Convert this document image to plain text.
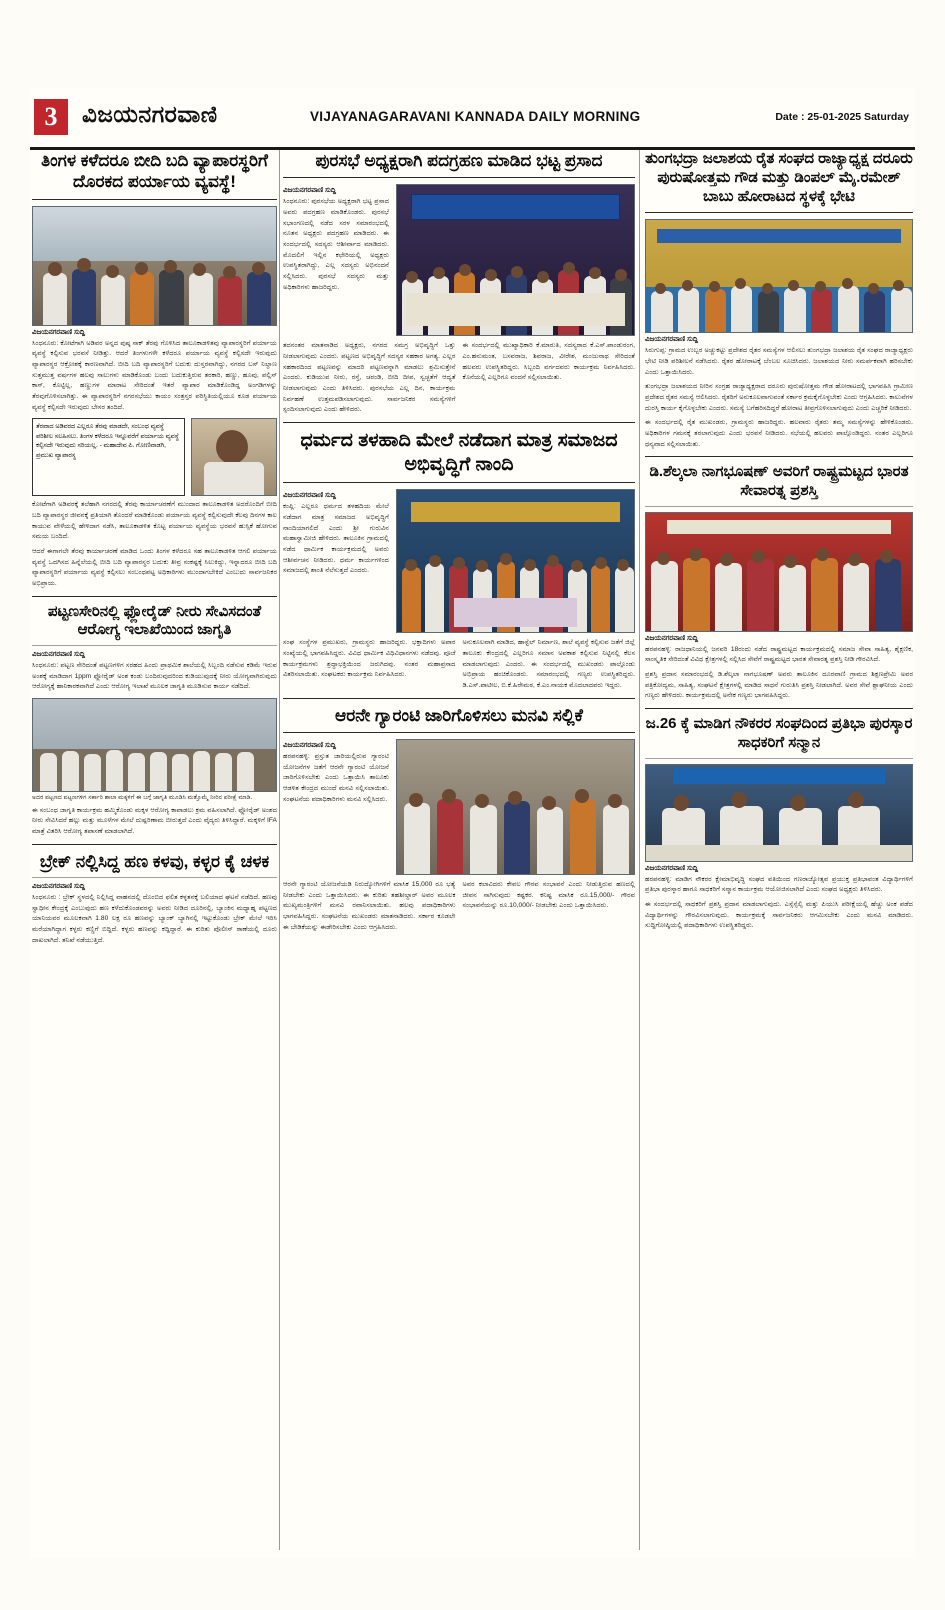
3	ವಿಜಯನಗರವಾಣಿ	VIJAYANAGARAVANI KANNADA DAILY MORNING	Date : 25-01-2025 Saturday
ತಿಂಗಳ ಕಳೆದರೂ ಬೀದಿ ಬದಿ ವ್ಯಾಪಾರಸ್ಥರಿಗೆ ದೊರಕದ ಪರ್ಯಾಯ ವ್ಯವಸ್ಥೆ!
ವಿಜಯನಗರವಾಣಿ ಸುದ್ದಿ
ಸಿಂಧನೂರು: ಕೋಟೆಗಾಗಿ ಅಡಿವರ ಅನ್ನದ ಪುಷ್ಠ ಸಾಕ್ ತೆರವು ಗೊಳಿಸಿದ ತಾಲೂಕಾಡಳಿತವು ವ್ಯಾಪಾರಸ್ಥರಿಗೆ ಪರ್ಯಾಯ ವ್ಯವಸ್ಥೆ ಕಲ್ಪಿಸುವ ಭರವಸೆ ನೀಡಿತ್ತು. ಆದರೆ ತಿಂಗಳುಗಳೇ ಕಳೆದರೂ ಪರ್ಯಾಯ ವ್ಯವಸ್ಥೆ ಕಲ್ಪಿಸದೇ ಇರುವುದು ವ್ಯಾಪಾರಸ್ಥರ ಆಕ್ರೋಶಕ್ಕೆ ಕಾರಣವಾಗಿದೆ. ಬೀದಿ ಬದಿ ವ್ಯಾಪಾರಸ್ಥರಿಗೆ ಬದುಕು ದುಸ್ತರವಾಗಿದ್ದು, ನಗರದ ಬಸ್ ನಿಲ್ದಾಣ ಸುತ್ತಮುತ್ತ ವರ್ಷಗಳ ಹಲವು ಸಾಲುಗಳು ಮಾಡಿಕೊಂಡು ಬಂದು ಬದುಕುತ್ತಿರುವ ತರಕಾರಿ, ಹಣ್ಣು, ಹೂವು, ಪಲ್ಲಿಸ್ ಕಾಸ್, ಕೊಟ್ಟಿಲ್ಲ, ಹಣ್ಣುಗಳ ಮಾರಾಟ ಸೇರಿದಂತೆ ಇತರೆ ವ್ಯಾಪಾರ ಮಾಡಿಕೊಂಡಿದ್ದ ಅಂಗಡಿಗಳನ್ನು ತೆರವುಗೊಳಿಸಲಾಗಿತ್ತು. ಈ ವ್ಯಾಪಾರಸ್ಥರಿಗೆ ನಗರಸಭೆಯು ಕಾಯಂ ಸಂತ್ರಸ್ತರ ಪರಿಸ್ಥಿತಿಯಲ್ಲಿಯೂ ಕೂಡ ಪರ್ಯಾಯ ವ್ಯವಸ್ಥೆ ಕಲ್ಪಿಸದೇ ಇರುವುದು ಬೇಸರ ತಂದಿದೆ.
ತೆರವಾದ ಅಡಿವರದ ಎಲ್ಲರೂ ತೆರವು ಮಾಡದೇ, ಸಂಬಂಧ ವ್ಯವಸ್ಥೆ ಪರಿಶೀಲ ಸಲಹಿಸಲು. ತಿಂಗಳ ಕಳೆದರೂ ಇನ್ನೂವರೆಗೆ ಪರ್ಯಾಯ ವ್ಯವಸ್ಥೆ ಕಲ್ಪಿಸದೇ ಇರುವುದು ಸರಿಯಲ್ಲ. - ಮಹಾದೇವ ಪಿ. ಗೋಣಿವಾಡಗಿ, ಪ್ರಮುಖ ವ್ಯಾಪಾರಸ್ಥ
ಕೋಟೆಗಾಗಿ ಅಡಿವರಕ್ಕೆ ತಲೆಹಾಗಿ ನಗರದಲ್ಲಿ ತೆರವು ಕಾರ್ಯಾಚರಣೆಗೆ ಮುಂದಾದ ತಾಲೂಕಾಡಳಿತ ಅದರೊಂದಿಗೆ ಬೀದಿ ಬದಿ ವ್ಯಾಪಾರಸ್ಥರ ಜೀವನಕ್ಕೆ ಪ್ರತಿಯಾಗಿ ತೊಂದರೆ ಮಾಡಿಕೊಂಡು ಪರ್ಯಾಯ ವ್ಯವಸ್ಥೆ ಕಲ್ಪಿಸುವುದೇ ಕೆಲವು ದಿನಗಳ ಕಾಲ ಕಾಯುವ ವೇಳೆಯಲ್ಲಿ ಹೇಳಿದಾಗ ನಡೆಸಿ, ತಾಲೂಕಾಡಳಿತ ಕೊಟ್ಟ ಪರ್ಯಾಯ ವ್ಯವಸ್ಥೆಯ ಭರವಸೆ ಹುಸ್ಸಿಕೆ ಹೋಗುವ ಸಮಯ ಬಂದಿದೆ.
ಆದರೆ ಈಗಾಗಲೇ ತೆರವು ಕಾರ್ಯಾಚರಣೆ ಮಾಡಿದ ಒಂದು ತಿಂಗಳ ಕಳೆದರೂ ಸಹ ತಾಲೂಕಾಡಳಿತ ಆಗಲಿ ಪರ್ಯಾಯ ವ್ಯವಸ್ಥೆ ಒದಗಿಸದ ಹಿನ್ನೆಲೆಯಲ್ಲಿ ಬೀದಿ ಬದಿ ವ್ಯಾಪಾರಸ್ಥರ ಬದುಕು ತೀವ್ರ ಸಂಕಷ್ಟಕ್ಕೆ ಸಿಲುಕಿದ್ದು, ಇನ್ನಾದರೂ ಬೀದಿ ಬದಿ ವ್ಯಾಪಾರಸ್ಥರಿಗೆ ಪರ್ಯಾಯ ವ್ಯವಸ್ಥೆ ಕಲ್ಪಿಸಲು ಸಂಬಂಧಪಟ್ಟ ಅಧಿಕಾರಿಗಳು ಮುಂದಾಗಬೇಕಿದೆ ಎಂಬುದು ಸಾರ್ವಜನಿಕರ ಅಭಿಪ್ರಾಯ.
ಪಟ್ಟಣಸೇರಿನಲ್ಲಿ ಫ್ಲೋರೈಡ್ ನೀರು ಸೇವಿಸದಂತೆ ಆರೋಗ್ಯ ಇಲಾಖೆಯಿಂದ ಜಾಗೃತಿ
ವಿಜಯನಗರವಾಣಿ ಸುದ್ದಿ
ಸಿಂಧನೂರು: ಪಟ್ಟಣ ಸೇರಿದಂತೆ ಪಟ್ಟಣಗಳಿಗ ಸರಹದ ಹಿಂದು ಪ್ರಾಥಮಿಕ ಶಾಲೆಯಲ್ಲಿ ಸಿಬ್ಬಂದಿ ನಡೆಸುವ ಕಡಿಮೆ ಇರುವ ಅಂಶಕ್ಕೆ ಮಾಡಿದಾಗ 1ppm ಫ್ಲೋರೈಡ್ ಅಂಶ ಕಂಡು ಬಂದಿರುವುದರಿಂದ ಕುಡಿಯುವುದಕ್ಕೆ ನೀರು ಯೋಗ್ಯವಾಗಿರುವುದು ಆರೋಗ್ಯಕ್ಕೆ ಹಾನಿಕಾರಕವಾಗಿದೆ ಎಂದು ಆರೋಗ್ಯ ಇಲಾಖೆ ಮೂಲಕ ಜಾಗೃತಿ ಮೂಡಿಸುವ ಕಾರ್ಯ ನಡೆದಿದೆ.
ಅದರ ಪಟ್ಟಣದ ಪಟ್ಟಣಗಳಿಗ ಸರ್ಕಾರಿ ಶಾಲಾ ಮಕ್ಕಳಿಗೆ ಈ ಬಗ್ಗೆ ಜಾಗೃತಿ ಮೂಡಿಸಿ ಮತ್ತೊಮ್ಮೆ ನೀರಿನ ಪರೀಕ್ಷೆ ಮಾಡಿ.
ಈ ಸಂಬಂಧ ಜಾಗೃತಿ ಕಾರ್ಯಕ್ರಮ ಹಮ್ಮಿಕೊಂಡು ಮಕ್ಕಳ ಆರೋಗ್ಯ ಕಾಪಾಡಲು ಕ್ರಮ ವಹಿಸಲಾಗಿದೆ. ಫ್ಲೋರೈಡ್ ಅಂಶದ ನೀರು ಸೇವಿಸಿದರೆ ಹಲ್ಲು ಮತ್ತು ಮೂಳೆಗಳ ಮೇಲೆ ದುಷ್ಪರಿಣಾಮ ಬೀರುತ್ತದೆ ಎಂದು ವೈದ್ಯರು ತಿಳಿಸಿದ್ದಾರೆ. ಮಕ್ಕಳಿಗೆ IFA ಮಾತ್ರೆ ವಿತರಿಸಿ ಆರೋಗ್ಯ ತಪಾಸಣೆ ಮಾಡಲಾಗಿದೆ.
ಬ್ರೇಕ್ ನಲ್ಲಿಸಿದ್ದ ಹಣ ಕಳವು, ಕಳ್ಳರ ಕೈ ಚಳಕ
ವಿಜಯನಗರವಾಣಿ ಸುದ್ದಿ
ಸಿಂಧನೂರು : ಬ್ರೇಕ್ ಸ್ಥಳದಲ್ಲಿ ನಿಲ್ಲಿಸಿದ್ದ ವಾಹನದಲ್ಲಿ ದೊಂಬಿದ ಫಲಿತ ಕಳ್ಳತನಕ್ಕೆ ಬಲಿಯಾದ ಘಟನೆ ನಡೆದಿದೆ. ಹಣವು ಸ್ವಾಧೀನ ಕೇಂದ್ರಕ್ಕೆ ಎಂಬುವುದು ಹಣ ಕಳೆದುಕೊಂಡವರನ್ನು ಅವರು ನೀಡಿದ ದೂರಿನಲ್ಲಿ, ಬ್ಯಾಂಕಿನ ಮಧ್ಯಾಹ್ನ ಪಟ್ಟಣದ ಯಾನಿಯವರ ಮೂಲಕವಾಗಿ 1.80 ಲಕ್ಷ ರೂ ಹಣವನ್ನು ಬ್ಯಾಂಕ್ ಬ್ಯಾಗಿನಲ್ಲಿ ಇಟ್ಟುಕೊಂಡು ಬ್ರೇಕ್ ಮೇಲೆ ಇರಿಸಿ ಮರೆಯಾಗಿದ್ದಾಗ ಕಳ್ಳರು ಕಣ್ಣಿಗೆ ಬಿದ್ದಿದೆ. ಕಳ್ಳರು ಹಣವನ್ನು ಕದ್ದಿದ್ದಾರೆ. ಈ ಕುರಿತು ಪೊಲೀಸ್ ಠಾಣೆಯಲ್ಲಿ ದೂರು ದಾಖಲಾಗಿದೆ. ತನಿಖೆ ನಡೆಯುತ್ತಿದೆ.
ಪುರಸಭೆ ಅಧ್ಯಕ್ಷರಾಗಿ ಪದಗ್ರಹಣ ಮಾಡಿದ ಭಟ್ಟ ಪ್ರಸಾದ
ವಿಜಯನಗರವಾಣಿ ಸುದ್ದಿ
ಸಿಂಧನೂರು: ಪುರಸಭೆಯ ಅಧ್ಯಕ್ಷರಾಗಿ ಭಟ್ಟ ಪ್ರಸಾದ ಅವರು ಪದಗ್ರಹಣ ಮಾಡಿಕೊಂಡರು. ಪುರಸಭೆ ಸಭಾಂಗಣದಲ್ಲಿ ನಡೆದ ಸರಳ ಸಮಾರಂಭದಲ್ಲಿ ನೂತನ ಅಧ್ಯಕ್ಷರು ಪದಗ್ರಹಣ ಮಾಡಿದರು. ಈ ಸಂದರ್ಭದಲ್ಲಿ ಸದಸ್ಯರು ಆಶೀರ್ವಾದ ಮಾಡಿದರು. ಮೊದಲಿಗೆ ಇಲ್ಲಿನ ಕಛೇರಿಯಲ್ಲಿ ಅಧ್ಯಕ್ಷರು ಉಪಸ್ಥಿತರಾಗಿದ್ದು, ಎಲ್ಲ ಸದಸ್ಯರು ಅಭಿನಂದನೆ ಸಲ್ಲಿಸಿದರು. ಪುರಸಭೆ ಸದಸ್ಯರು ಮತ್ತು ಅಧಿಕಾರಿಗಳು ಹಾಜರಿದ್ದರು.
ತದನಂತರ ಮಾತನಾಡಿದ ಅಧ್ಯಕ್ಷರು, ನಗರದ ಸಮಗ್ರ ಅಭಿವೃದ್ಧಿಗೆ ಒತ್ತು ನೀಡಲಾಗುವುದು ಎಂದರು. ಪಟ್ಟಣದ ಅಭಿವೃದ್ಧಿಗೆ ಸದಸ್ಯರ ಸಹಕಾರ ಅಗತ್ಯ. ಎಲ್ಲರ ಸಹಕಾರದಿಂದ ಪಟ್ಟಣವನ್ನು ಮಾದರಿ ಪಟ್ಟಣವನ್ನಾಗಿ ಮಾಡಲು ಶ್ರಮಿಸುತ್ತೇನೆ ಎಂದರು. ಕುಡಿಯುವ ನೀರು, ರಸ್ತೆ, ಚರಂಡಿ, ಬೀದಿ ದೀಪ, ಸ್ವಚ್ಛತೆಗೆ ಆದ್ಯತೆ ನೀಡಲಾಗುವುದು ಎಂದು ತಿಳಿಸಿದರು. ಪುರಸಭೆಯ ಎಲ್ಲ ದಿನ, ಕಾರ್ಯಕ್ರಮ ನಿರ್ವಹಣೆ ಉತ್ತಮಪಡಿಸಲಾಗುವುದು. ಸಾರ್ವಜನಿಕರ ಸಮಸ್ಯೆಗಳಿಗೆ ಸ್ಪಂದಿಸಲಾಗುವುದು ಎಂದು ಹೇಳಿದರು.
ಈ ಸಂದರ್ಭದಲ್ಲಿ ಮುಖ್ಯಾಧಿಕಾರಿ ಕೆ.ಮಾರುತಿ, ಸದಸ್ಯರಾದ ಕೆ.ಎಸ್.ಪಾಂಡುರಂಗ, ಎಂ.ಹನುಮಂತ, ಬಸವರಾಜ, ಶಿವರಾಜ, ವೀರೇಶ, ಮಂಜುನಾಥ ಸೇರಿದಂತೆ ಹಲವರು ಉಪಸ್ಥಿತರಿದ್ದರು. ಸಿಬ್ಬಂದಿ ವರ್ಗದವರು ಕಾರ್ಯಕ್ರಮ ನಿರ್ವಹಿಸಿದರು. ಕೊನೆಯಲ್ಲಿ ಎಲ್ಲರಿಗೂ ವಂದನೆ ಸಲ್ಲಿಸಲಾಯಿತು.
ಧರ್ಮದ ತಳಹಾದಿ ಮೇಲೆ ನಡೆದಾಗ ಮಾತ್ರ ಸಮಾಜದ ಅಭಿವೃದ್ಧಿಗೆ ನಾಂದಿ
ವಿಜಯನಗರವಾಣಿ ಸುದ್ದಿ
ಕಂಪ್ಲಿ: ಎಲ್ಲರೂ ಧರ್ಮದ ತಳಹದಿಯ ಮೇಲೆ ನಡೆದಾಗ ಮಾತ್ರ ಸಮಾಜದ ಅಭಿವೃದ್ಧಿಗೆ ನಾಂದಿಯಾಗಲಿದೆ ಎಂದು ಶ್ರೀ ಗುರುವಿನ ಮಹಾಸ್ವಾಮೀಜಿ ಹೇಳಿದರು. ತಾಲೂಕಿನ ಗ್ರಾಮದಲ್ಲಿ ನಡೆದ ಧಾರ್ಮಿಕ ಕಾರ್ಯಕ್ರಮದಲ್ಲಿ ಅವರು ಆಶೀರ್ವಚನ ನೀಡಿದರು. ಧರ್ಮ ಕಾರ್ಯಗಳಿಂದ ಸಮಾಜದಲ್ಲಿ ಶಾಂತಿ ನೆಲೆಸುತ್ತದೆ ಎಂದರು.
ಸಂಘ ಸಂಸ್ಥೆಗಳ ಪ್ರಮುಖರು, ಗ್ರಾಮಸ್ಥರು ಹಾಜರಿದ್ದರು. ಭಕ್ತಾದಿಗಳು ಅಪಾರ ಸಂಖ್ಯೆಯಲ್ಲಿ ಭಾಗವಹಿಸಿದ್ದರು. ವಿವಿಧ ಧಾರ್ಮಿಕ ವಿಧಿವಿಧಾನಗಳು ನಡೆದವು. ಪೂಜೆ ಕಾರ್ಯಕ್ರಮಗಳು ಶ್ರದ್ಧಾಭಕ್ತಿಯಿಂದ ಜರುಗಿದವು. ನಂತರ ಮಹಾಪ್ರಸಾದ ವಿತರಿಸಲಾಯಿತು. ಸಂಘಟಕರು ಕಾರ್ಯಕ್ರಮ ನಿರ್ವಹಿಸಿದರು.
ಅನುಕೂಲವಾಗಿ ಮಾಡಿದ, ಹಾಸ್ಟೆಲ್ ನಿರ್ಮಾಣ, ಶಾಲೆ ವ್ಯವಸ್ಥೆ ಕಲ್ಪಿಸುವ ಜತೆಗೆ ಜಿಲ್ಲೆ ತಾಲೂಕು ಕೇಂದ್ರದಲ್ಲಿ ಎಲ್ಲರಿಗೂ ಸಮಾನ ಅವಕಾಶ ಕಲ್ಪಿಸುವ ನಿಟ್ಟಿನಲ್ಲಿ ಕೆಲಸ ಮಾಡಲಾಗುವುದು ಎಂದರು. ಈ ಸಂದರ್ಭದಲ್ಲಿ ಮುಖಂಡರು ಪಾಲ್ಗೊಂಡು ಅಭಿಪ್ರಾಯ ಹಂಚಿಕೊಂಡರು. ಸಮಾರಂಭದಲ್ಲಿ ಗಣ್ಯರು ಉಪಸ್ಥಿತರಿದ್ದರು. ಡಿ.ಎಸ್.ಪಾಟೀಲ, ಬಿ.ಕೆ.ಹಿರೇಮಠ, ಕೆ.ಎಂ.ನಾಯಕ ಮೊದಲಾದವರು ಇದ್ದರು.
ಆರನೇ ಗ್ಯಾರಂಟಿ ಜಾರಿಗೊಳಿಸಲು ಮನವಿ ಸಲ್ಲಿಕೆ
ವಿಜಯನಗರವಾಣಿ ಸುದ್ದಿ
ಹರಪನಹಳ್ಳಿ: ಪ್ರಸ್ತುತ ಜಾರಿಯಲ್ಲಿರುವ ಗ್ಯಾರಂಟಿ ಯೋಜನೆಗಳ ಜತೆಗೆ ಆರನೇ ಗ್ಯಾರಂಟಿ ಯೋಜನೆ ಜಾರಿಗೊಳಿಸಬೇಕು ಎಂದು ಒತ್ತಾಯಿಸಿ ತಾಲೂಕು ಆಡಳಿತ ಕೇಂದ್ರದ ಮುಂದೆ ಮನವಿ ಸಲ್ಲಿಸಲಾಯಿತು. ಸಂಘಟನೆಯ ಪದಾಧಿಕಾರಿಗಳು ಮನವಿ ಸಲ್ಲಿಸಿದರು.
ಆರನೇ ಗ್ಯಾರಂಟಿ ಯೋಜನೆಯಡಿ ನಿರುದ್ಯೋಗಿಗಳಿಗೆ ಮಾಸಿಕ 15,000 ರೂ ಭತ್ಯೆ ನೀಡಬೇಕು ಎಂದು ಒತ್ತಾಯಿಸಿದರು. ಈ ಕುರಿತು ತಹಶೀಲ್ದಾರ್ ಅವರ ಮೂಲಕ ಮುಖ್ಯಮಂತ್ರಿಗಳಿಗೆ ಮನವಿ ರವಾನಿಸಲಾಯಿತು. ಹಲವು ಪದಾಧಿಕಾರಿಗಳು ಭಾಗವಹಿಸಿದ್ದರು. ಸಂಘಟನೆಯ ಮುಖಂಡರು ಮಾತನಾಡಿದರು. ಸರ್ಕಾರ ಕೂಡಲೇ ಈ ಬೇಡಿಕೆಯನ್ನು ಈಡೇರಿಸಬೇಕು ಎಂದು ಆಗ್ರಹಿಸಿದರು.
ಅವರ ಕಲಾವಿದರು ಕೇವಲ ಗೌರವ ಸಂಭಾವನೆ ಎಂದು ನೀಡುತ್ತಿರುವ ಹಣದಲ್ಲಿ ಜೀವನ ಸಾಗಿಸುವುದು ಕಷ್ಟಕರ. ಕನಿಷ್ಟ ಮಾಸಿಕ ರೂ.15,000/- ಗೌರವ ಸಂಭಾವನೆಯನ್ನು ರೂ.10,000/- ನೀಡಬೇಕು ಎಂದು ಒತ್ತಾಯಿಸಿದರು.
ತುಂಗಭದ್ರಾ ಜಲಾಶಯ ರೈತ ಸಂಘದ ರಾಜ್ಯಾಧ್ಯಕ್ಷ ದರೂರು ಪುರುಷೋತ್ತಮ ಗೌಡ ಮತ್ತು ಡಿಂಪಲ್ ಮೈ.ರಮೇಶ್ ಬಾಬು ಹೋರಾಟದ ಸ್ಥಳಕ್ಕೆ ಭೇಟಿ
ವಿಜಯನಗರವಾಣಿ ಸುದ್ದಿ
ಸಿರುಗುಪ್ಪ: ಗ್ರಾಮದ ಉಬ್ಬರ ಅಚ್ಚುಕಟ್ಟು ಪ್ರದೇಶದ ರೈತರ ಸಮಸ್ಯೆಗಳ ಆಲಿಸಲು ತುಂಗಭದ್ರಾ ಜಲಾಶಯ ರೈತ ಸಂಘದ ರಾಜ್ಯಾಧ್ಯಕ್ಷರು ಭೇಟಿ ನೀಡಿ ಪರಿಶೀಲನೆ ನಡೆಸಿದರು. ರೈತರ ಹೋರಾಟಕ್ಕೆ ಬೆಂಬಲ ಸೂಚಿಸಿದರು. ಜಲಾಶಯದ ನೀರು ಸಮರ್ಪಕವಾಗಿ ಹರಿಸಬೇಕು ಎಂದು ಒತ್ತಾಯಿಸಿದರು.
ತುಂಗಭದ್ರಾ ಜಲಾಶಯದ ನೀರಿನ ಸಂಗ್ರಹ ರಾಜ್ಯಾಧ್ಯಕ್ಷರಾದ ದರೂರು ಪುರುಷೋತ್ತಮ ಗೌಡ ಹೋರಾಟದಲ್ಲಿ ಭಾಗವಹಿಸಿ ಗ್ರಾಮೀಣ ಪ್ರದೇಶದ ರೈತರ ಸಮಸ್ಯೆ ಆಲಿಸಿದರು. ರೈತರಿಗೆ ಅನುಕೂಲವಾಗುವಂತೆ ಸರ್ಕಾರ ಕ್ರಮಕೈಗೊಳ್ಳಬೇಕು ಎಂದು ಆಗ್ರಹಿಸಿದರು. ಕಾಲುವೆಗಳ ದುರಸ್ತಿ ಕಾರ್ಯ ಕೈಗೊಳ್ಳಬೇಕು ಎಂದರು. ಸಮಸ್ಯೆ ಬಗೆಹರಿಸದಿದ್ದರೆ ಹೋರಾಟ ತೀವ್ರಗೊಳಿಸಲಾಗುವುದು ಎಂದು ಎಚ್ಚರಿಕೆ ನೀಡಿದರು.
ಈ ಸಂದರ್ಭದಲ್ಲಿ ರೈತ ಮುಖಂಡರು, ಗ್ರಾಮಸ್ಥರು ಹಾಜರಿದ್ದರು. ಹಲವಾರು ರೈತರು ತಮ್ಮ ಸಮಸ್ಯೆಗಳನ್ನು ಹೇಳಿಕೊಂಡರು. ಅಧಿಕಾರಿಗಳ ಗಮನಕ್ಕೆ ತರಲಾಗುವುದು ಎಂದು ಭರವಸೆ ನೀಡಿದರು. ಸಭೆಯಲ್ಲಿ ಹಲವರು ಪಾಲ್ಗೊಂಡಿದ್ದರು. ನಂತರ ಎಲ್ಲರಿಗೂ ಧನ್ಯವಾದ ಸಲ್ಲಿಸಲಾಯಿತು.
ಡಿ.ಶೆಲ್ಕಲಾ ನಾಗಭೂಷಣ್ ಅವರಿಗೆ ರಾಷ್ಟ್ರಮಟ್ಟದ ಭಾರತ ಸೇವಾರತ್ನ ಪ್ರಶಸ್ತಿ
ವಿಜಯನಗರವಾಣಿ ಸುದ್ದಿ
ಹರಪನಹಳ್ಳಿ: ರಾಜಧಾನಿಯಲ್ಲಿ ಜನವರಿ 18ರಂದು ನಡೆದ ರಾಷ್ಟ್ರಮಟ್ಟದ ಕಾರ್ಯಕ್ರಮದಲ್ಲಿ ಸಮಾಜ ಸೇವಾ ಸಾಹಿತ್ಯ, ಶೈಕ್ಷಣಿಕ, ಸಾಂಸ್ಕೃತಿಕ ಸೇರಿದಂತೆ ವಿವಿಧ ಕ್ಷೇತ್ರಗಳಲ್ಲಿ ಸಲ್ಲಿಸಿದ ಸೇವೆಗೆ ರಾಷ್ಟ್ರಮಟ್ಟದ ಭಾರತ ಸೇವಾರತ್ನ ಪ್ರಶಸ್ತಿ ನೀಡಿ ಗೌರವಿಸಿದೆ.
ಪ್ರಶಸ್ತಿ ಪ್ರದಾನ ಸಮಾರಂಭದಲ್ಲಿ ಡಿ.ಶೆಲ್ಕಲಾ ನಾಗಭೂಷಣ್ ಅವರು ತಾಲೂಕಿನ ದೂರವಾಣಿ ಗ್ರಾಮದ ಶಿಕ್ಷಣಪ್ರೇಮಿ ಅವರ ಪತ್ರಿಕೋದ್ಯಮ, ಸಾಹಿತ್ಯ, ಸಂಘಟನೆ ಕ್ಷೇತ್ರಗಳಲ್ಲಿ ಮಾಡಿದ ಸಾಧನೆ ಗುರುತಿಸಿ ಪ್ರಶಸ್ತಿ ನೀಡಲಾಗಿದೆ. ಅವರ ಸೇವೆ ಶ್ಲಾಘನೀಯ ಎಂದು ಗಣ್ಯರು ಹೇಳಿದರು. ಕಾರ್ಯಕ್ರಮದಲ್ಲಿ ಅನೇಕ ಗಣ್ಯರು ಭಾಗವಹಿಸಿದ್ದರು.
ಜ.26 ಕ್ಕೆ ಮಾಡಿಗ ನೌಕರರ ಸಂಘದಿಂದ ಪ್ರತಿಭಾ ಪುರಸ್ಕಾರ ಸಾಧಕರಿಗೆ ಸನ್ಮಾನ
ವಿಜಯನಗರವಾಣಿ ಸುದ್ದಿ
ಹರಪನಹಳ್ಳಿ: ಮಾಡಿಗ ನೌಕರರ ಕ್ಷೇಮಾಭಿವೃದ್ಧಿ ಸಂಘದ ವತಿಯಿಂದ ಗಣರಾಜ್ಯೋತ್ಸವ ಪ್ರಯುಕ್ತ ಪ್ರತಿಭಾವಂತ ವಿದ್ಯಾರ್ಥಿಗಳಿಗೆ ಪ್ರತಿಭಾ ಪುರಸ್ಕಾರ ಹಾಗೂ ಸಾಧಕರಿಗೆ ಸನ್ಮಾನ ಕಾರ್ಯಕ್ರಮ ಆಯೋಜಿಸಲಾಗಿದೆ ಎಂದು ಸಂಘದ ಅಧ್ಯಕ್ಷರು ತಿಳಿಸಿದರು.
ಈ ಸಂದರ್ಭದಲ್ಲಿ ಸಾಧಕರಿಗೆ ಪ್ರಶಸ್ತಿ ಪ್ರದಾನ ಮಾಡಲಾಗುವುದು. ಎಸ್ಸೆಸ್ಸೆಲ್ಸಿ ಮತ್ತು ಪಿಯುಸಿ ಪರೀಕ್ಷೆಯಲ್ಲಿ ಹೆಚ್ಚು ಅಂಕ ಪಡೆದ ವಿದ್ಯಾರ್ಥಿಗಳನ್ನು ಗೌರವಿಸಲಾಗುವುದು. ಕಾರ್ಯಕ್ರಮಕ್ಕೆ ಸಾರ್ವಜನಿಕರು ಆಗಮಿಸಬೇಕು ಎಂದು ಮನವಿ ಮಾಡಿದರು. ಸುದ್ದಿಗೋಷ್ಠಿಯಲ್ಲಿ ಪದಾಧಿಕಾರಿಗಳು ಉಪಸ್ಥಿತರಿದ್ದರು.
